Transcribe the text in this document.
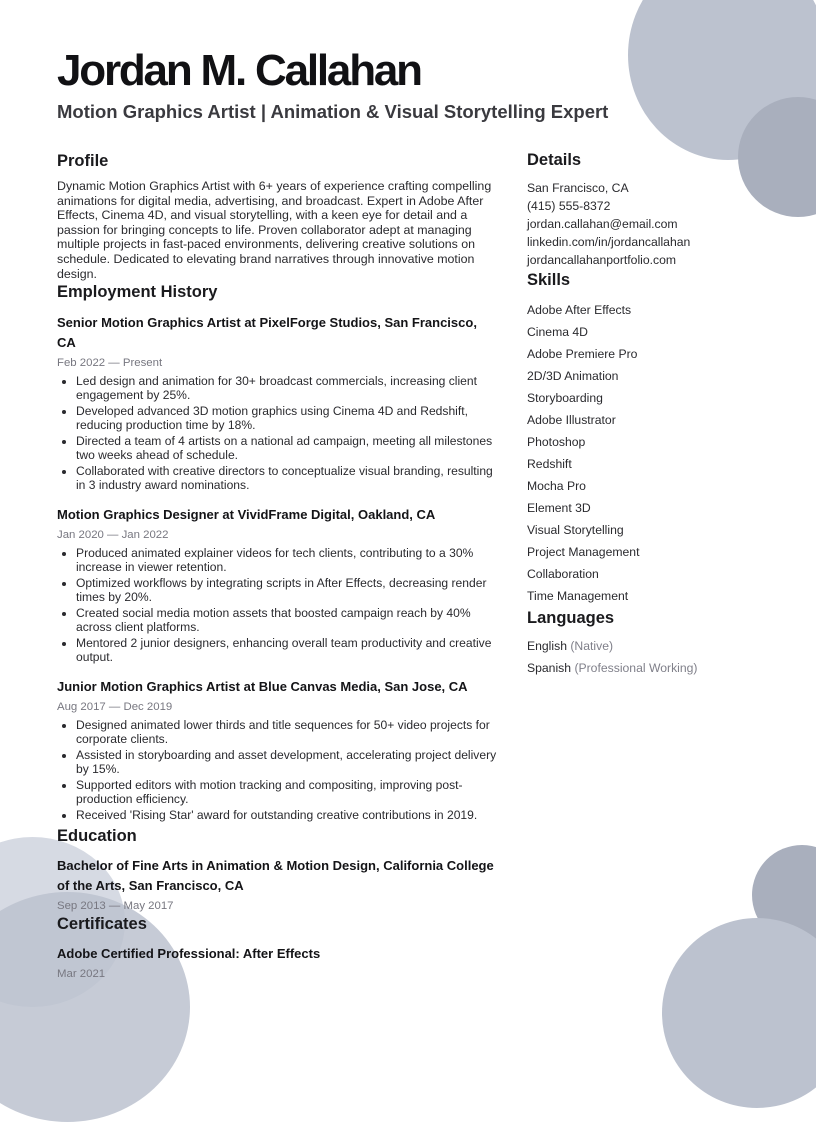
Jordan M. Callahan
Motion Graphics Artist | Animation & Visual Storytelling Expert
Profile

Dynamic Motion Graphics Artist with 6+ years of experience crafting compelling animations for digital media, advertising, and broadcast. Expert in Adobe After Effects, Cinema 4D, and visual storytelling, with a keen eye for detail and a passion for bringing concepts to life. Proven collaborator adept at managing multiple projects in fast-paced environments, delivering creative solutions on schedule. Dedicated to elevating brand narratives through innovative motion design.

Employment History
Senior Motion Graphics Artist at PixelForge Studios, San Francisco, CA
Feb 2022 — Present
• Led design and animation for 30+ broadcast commercials, increasing client engagement by 25%.
• Developed advanced 3D motion graphics using Cinema 4D and Redshift, reducing production time by 18%.
• Directed a team of 4 artists on a national ad campaign, meeting all milestones two weeks ahead of schedule.
• Collaborated with creative directors to conceptualize visual branding, resulting in 3 industry award nominations.
Motion Graphics Designer at VividFrame Digital, Oakland, CA
Jan 2020 — Jan 2022
• Produced animated explainer videos for tech clients, contributing to a 30% increase in viewer retention.
• Optimized workflows by integrating scripts in After Effects, decreasing render times by 20%.
• Created social media motion assets that boosted campaign reach by 40% across client platforms.
• Mentored 2 junior designers, enhancing overall team productivity and creative output.
Junior Motion Graphics Artist at Blue Canvas Media, San Jose, CA
Aug 2017 — Dec 2019
• Designed animated lower thirds and title sequences for 50+ video projects for corporate clients.
• Assisted in storyboarding and asset development, accelerating project delivery by 15%.
• Supported editors with motion tracking and compositing, improving post-production efficiency.
• Received 'Rising Star' award for outstanding creative contributions in 2019.
Education
Bachelor of Fine Arts in Animation & Motion Design, California College of the Arts, San Francisco, CA
Sep 2013 — May 2017
Certificates
Adobe Certified Professional: After Effects
Mar 2021
Details
San Francisco, CA
(415) 555-8372
jordan.callahan@email.com
linkedin.com/in/jordancallahan
jordancallahanportfolio.com
Skills
Adobe After Effects
Cinema 4D
Adobe Premiere Pro
2D/3D Animation
Storyboarding
Adobe Illustrator
Photoshop
Redshift
Mocha Pro
Element 3D
Visual Storytelling
Project Management
Collaboration
Time Management
Languages
English (Native)
Spanish (Professional Working)
